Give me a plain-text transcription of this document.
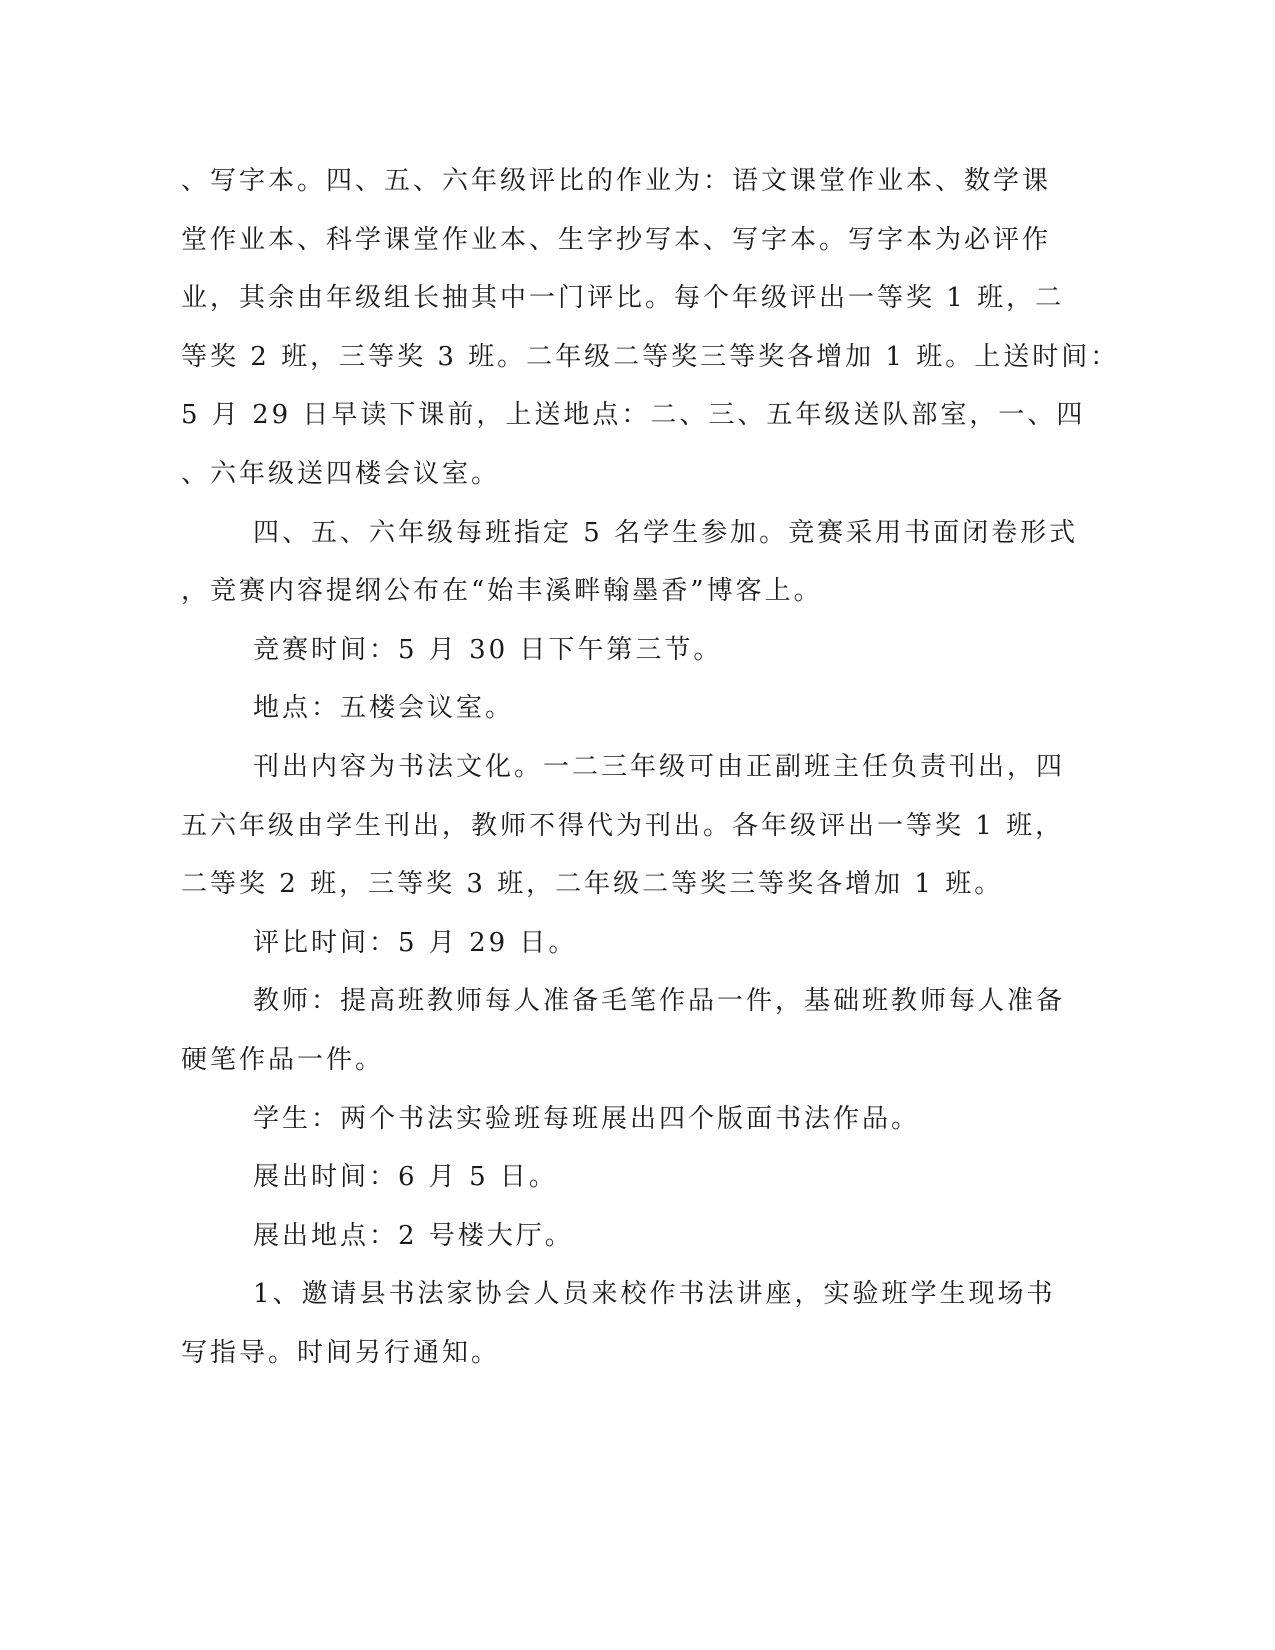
、写字本。四、五、六年级评比的作业为：语文课堂作业本、数学课
堂作业本、科学课堂作业本、生字抄写本、写字本。写字本为必评作
业，其余由年级组长抽其中一门评比。每个年级评出一等奖 1 班，二
等奖 2 班，三等奖 3 班。二年级二等奖三等奖各增加 1 班。上送时间：
5 月 29 日早读下课前，上送地点：二、三、五年级送队部室，一、四
、六年级送四楼会议室。
四、五、六年级每班指定 5 名学生参加。竞赛采用书面闭卷形式
，竞赛内容提纲公布在“始丰溪畔翰墨香”博客上。
竞赛时间：5 月 30 日下午第三节。
地点：五楼会议室。
刊出内容为书法文化。一二三年级可由正副班主任负责刊出，四
五六年级由学生刊出，教师不得代为刊出。各年级评出一等奖 1 班，
二等奖 2 班，三等奖 3 班，二年级二等奖三等奖各增加 1 班。
评比时间：5 月 29 日。
教师：提高班教师每人准备毛笔作品一件，基础班教师每人准备
硬笔作品一件。
学生：两个书法实验班每班展出四个版面书法作品。
展出时间：6 月 5 日。
展出地点：2 号楼大厅。
1、邀请县书法家协会人员来校作书法讲座，实验班学生现场书
写指导。时间另行通知。
